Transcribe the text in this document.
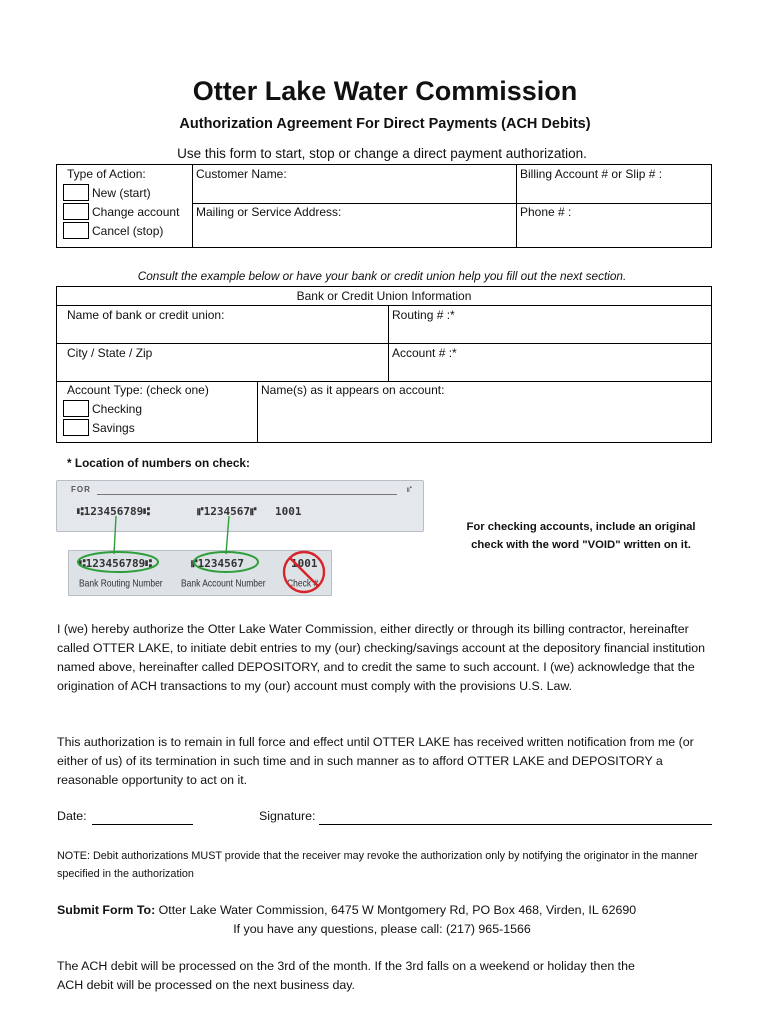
Otter Lake Water Commission
Authorization Agreement For Direct Payments (ACH Debits)
Use this form to start, stop or change a direct payment authorization.
Type of Action:
New (start)
Change account
Cancel (stop)
Customer Name:	Billing Account # or Slip # :
Mailing or Service Address:	Phone # :
Consult the example below or have your bank or credit union help you fill out the next section.
Bank or Credit Union Information
Name of bank or credit union:	Routing # :*
City / State / Zip	Account # :*
Account Type: (check one)
Checking
Savings
Name(s) as it appears on account:
* Location of numbers on check:
FOR	⑈
⑆123456789⑆	⑈1234567⑈ 1001
⑆123456789⑆	⑈1234567	1001
Bank Routing Number Bank Account Number	Check #
For checking accounts, include an original
check with the word "VOID" written on it.
I (we) hereby authorize the Otter Lake Water Commission, either directly or through its billing contractor, hereinafter called OTTER LAKE, to initiate debit entries to my (our) checking/savings account at the depository financial institution named above, hereinafter called DEPOSITORY, and to credit the same to such account. I (we) acknowledge that the origination of ACH transactions to my (our) account must comply with the provisions U.S. Law.
This authorization is to remain in full force and effect until OTTER LAKE has received written notification from me (or either of us) of its termination in such time and in such manner as to afford OTTER LAKE and DEPOSITORY a reasonable opportunity to act on it.
Date:	Signature:
NOTE: Debit authorizations MUST provide that the receiver may revoke the authorization only by notifying the originator in the manner specified in the authorization
Submit Form To: Otter Lake Water Commission, 6475 W Montgomery Rd, PO Box 468, Virden, IL 62690
If you have any questions, please call: (217) 965-1566
The ACH debit will be processed on the 3rd of the month. If the 3rd falls on a weekend or holiday then the ACH debit will be processed on the next business day.
